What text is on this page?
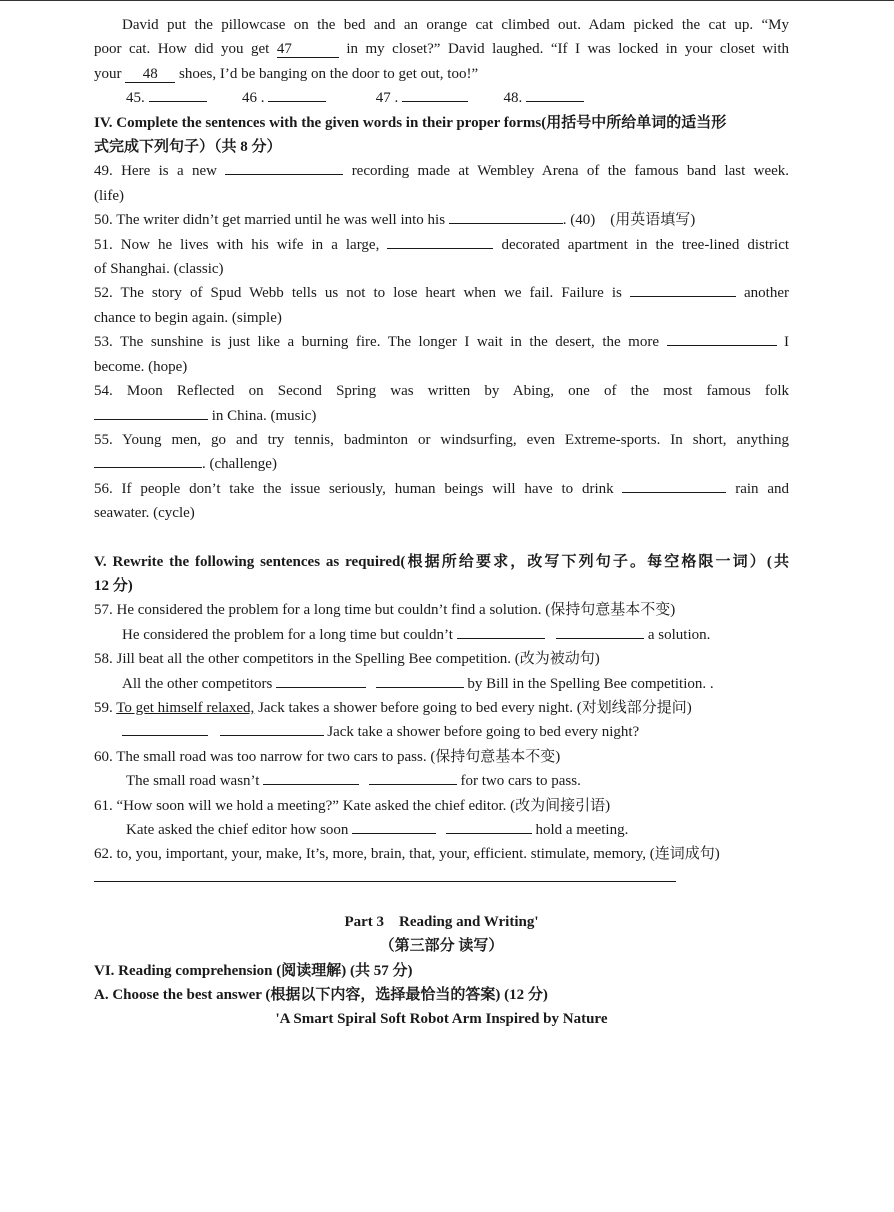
David put the pillowcase on the bed and an orange cat climbed out. Adam picked the cat up. “My
poor cat. How did you get 47	in my closet?” David laughed. “If I was locked in your closet with
your 48 shoes, I’d be banging on the door to get out, too!”
45.	46 .	47 .	48.
IV. Complete the sentences with the given words in their proper forms(用括号中所给单词的适当形
式完成下列句子）（共 8 分）
49. Here is a new	recording made at Wembley Arena of the famous band last week.
(life)
50. The writer didn’t get married until he was well into his	. (40)　(用英语填写)
51. Now he lives with his wife in a large,	decorated apartment in the tree-lined district
of Shanghai. (classic)
52. The story of Spud Webb tells us not to lose heart when we fail. Failure is	another
chance to begin again. (simple)
53. The sunshine is just like a burning fire. The longer I wait in the desert, the more	I
become. (hope)
54. Moon Reflected on Second Spring was written by Abing, one of the most famous folk
in China. (music)
55. Young men, go and try tennis, badminton or windsurfing, even Extreme-sports. In short, anything
. (challenge)
56. If people don’t take the issue seriously, human beings will have to drink	rain and
seawater. (cycle)
V. Rewrite the following sentences as required(根据所给要求，改写下列句子。每空格限一词）(共
12 分)
57. He considered the problem for a long time but couldn’t find a solution. (保持句意基本不变)
He considered the problem for a long time but couldn’t	a solution.
58. Jill beat all the other competitors in the Spelling Bee competition. (改为被动句)
All the other competitors	by Bill in the Spelling Bee competition. .
59. To get himself relaxed, Jack takes a shower before going to bed every night. (对划线部分提问)
Jack take a shower before going to bed every night?
60. The small road was too narrow for two cars to pass. (保持句意基本不变)
The small road wasn’t	for two cars to pass.
61. “How soon will we hold a meeting?” Kate asked the chief editor. (改为间接引语)
Kate asked the chief editor how soon	hold a meeting.
62. to, you, important, your, make, It’s, more, brain, that, your, efficient. stimulate, memory, (连词成句)
Part 3　Reading and Writing'
（第三部分 读写）
VI. Reading comprehension (阅读理解) (共 57 分)
A. Choose the best answer (根据以下内容，选择最恰当的答案) (12 分)
'A Smart Spiral Soft Robot Arm Inspired by Nature
